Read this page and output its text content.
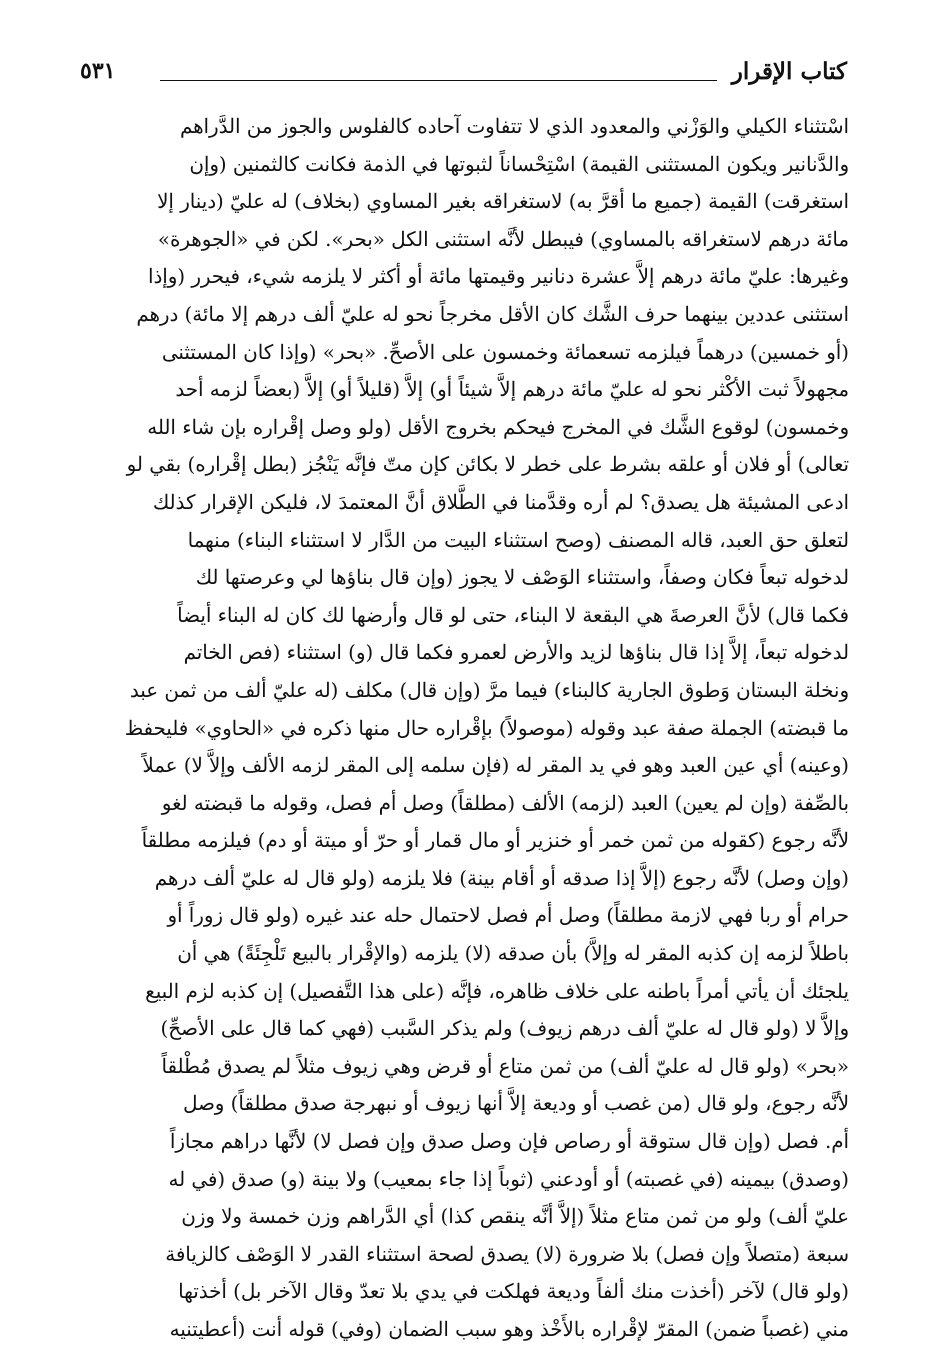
كتاب الإقرار
٥٣١
اسْتثناء الكيلي والوَزْني والمعدود الذي لا تتفاوت آحاده كالفلوس والجوز من الدَّراهم
والدَّنانير ويكون المستثنى القيمة) اسْتِحْساناً لثبوتها في الذمة فكانت كالثمنين (وإن
استغرقت) القيمة (جميع ما أقرَّ به) لاستغراقه بغير المساوي (بخلاف) له عليّ (دينار إلا
مائة درهم لاستغراقه بالمساوي) فيبطل لأنَّه استثنى الكل «بحر». لكن في «الجوهرة»
وغيرها: عليّ مائة درهم إلاَّ عشرة دنانير وقيمتها مائة أو أكثر لا يلزمه شيء، فيحرر (وإذا
استثنى عددين بينهما حرف الشَّك كان الأقل مخرجاً نحو له عليّ ألف درهم إلا مائة) درهم
(أو خمسين) درهماً فيلزمه تسعمائة وخمسون على الأصحِّ. «بحر» (وإذا كان المستثنى
مجهولاً ثبت الأكْثر نحو له عليّ مائة درهم إلاَّ شيئاً أو) إلاَّ (قليلاً أو) إلاَّ (بعضاً لزمه أحد
وخمسون) لوقوع الشَّك في المخرج فيحكم بخروج الأقل (ولو وصل إقْراره بإن شاء الله
تعالى) أو فلان أو علقه بشرط على خطر لا بكائن كإن متّ فإنَّه يَنْجُز (بطل إقْراره) بقي لو
ادعى المشيئة هل يصدق؟ لم أره وقدَّمنا في الطَّلاق أنَّ المعتمدَ لا، فليكن الإقرار كذلك
لتعلق حق العبد، قاله المصنف (وصح استثناء البيت من الدَّار لا استثناء البناء) منهما
لدخوله تبعاً فكان وصفاً، واستثناء الوَصْف لا يجوز (وإن قال بناؤها لي وعرصتها لك
فكما قال) لأنَّ العرصةَ هي البقعة لا البناء، حتى لو قال وأرضها لك كان له البناء أيضاً
لدخوله تبعاً، إلاَّ إذا قال بناؤها لزيد والأرض لعمرو فكما قال (و) استثناء (فص الخاتم
ونخلة البستان وَطوق الجارية كالبناء) فيما مرَّ (وإن قال) مكلف (له عليّ ألف من ثمن عبد
ما قبضته) الجملة صفة عبد وقوله (موصولاً) بإقْراره حال منها ذكره في «الحاوي» فليحفظ
(وعينه) أي عين العبد وهو في يد المقر له (فإن سلمه إلى المقر لزمه الألف وإلاَّ لا) عملاً
بالصِّفة (وإن لم يعين) العبد (لزمه) الألف (مطلقاً) وصل أم فصل، وقوله ما قبضته لغو
لأنَّه رجوع (كقوله من ثمن خمر أو خنزير أو مال قمار أو حرّ أو ميتة أو دم) فيلزمه مطلقاً
(وإن وصل) لأنَّه رجوع (إلاَّ إذا صدقه أو أقام بينة) فلا يلزمه (ولو قال له عليّ ألف درهم
حرام أو ربا فهي لازمة مطلقاً) وصل أم فصل لاحتمال حله عند غيره (ولو قال زوراً أو
باطلاً لزمه إن كذبه المقر له وإلاَّ) بأن صدقه (لا) يلزمه (والإقْرار بالبيع تَلْجِئَةً) هي أن
يلجئك أن يأتي أمراً باطنه على خلاف ظاهره، فإنَّه (على هذا التَّفصيل) إن كذبه لزم البيع
وإلاَّ لا (ولو قال له عليّ ألف درهم زيوف) ولم يذكر السَّبب (فهي كما قال على الأصحِّ)
«بحر» (ولو قال له عليّ ألف) من ثمن متاع أو قرض وهي زيوف مثلاً لم يصدق مُطْلقاً
لأنَّه رجوع، ولو قال (من غصب أو وديعة إلاَّ أنها زيوف أو نبهرجة صدق مطلقاً) وصل
أم. فصل (وإن قال ستوقة أو رصاص فإن وصل صدق وإن فصل لا) لأنَّها دراهم مجازاً
(وصدق) بيمينه (في غصبته) أو أودعني (ثوباً إذا جاء بمعيب) ولا بينة (و) صدق (في له
عليّ ألف) ولو من ثمن متاع مثلاً (إلاَّ أنَّه ينقص كذا) أي الدَّراهم وزن خمسة ولا وزن
سبعة (متصلاً وإن فصل) بلا ضرورة (لا) يصدق لصحة استثناء القدر لا الوَصْف كالزيافة
(ولو قال) لآخر (أخذت منك ألفاً وديعة فهلكت في يدي بلا تعدّ وقال الآخر بل) أخذتها
مني (غصباً ضمن) المقرّ لإقْراره بالأَخْذ وهو سبب الضمان (وفي) قوله أنت (أعطيتنيه
